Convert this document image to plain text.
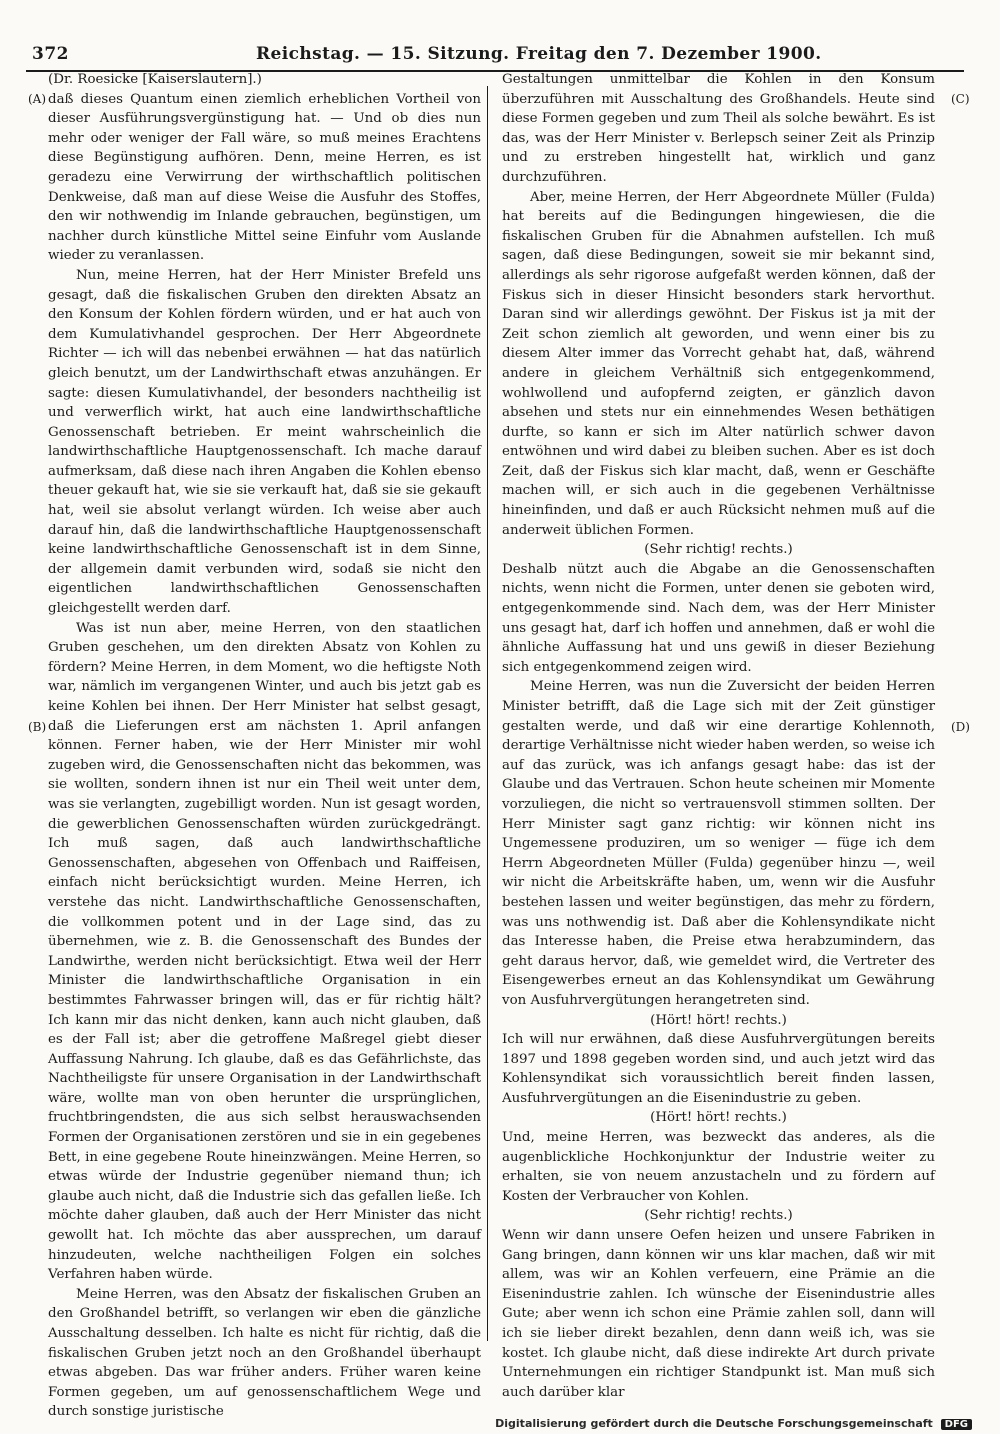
372	Reichstag. — 15. Sitzung. Freitag den 7. Dezember 1900.
(A)
(B)
(C)
(D)

(Dr. Roesicke [Kaiserslautern].)

daß dieses Quantum einen ziemlich erheblichen Vortheil von dieser Ausführungsvergünstigung hat. — Und ob dies nun mehr oder weniger der Fall wäre, so muß meines Erachtens diese Begünstigung aufhören. Denn, meine Herren, es ist geradezu eine Verwirrung der wirthschaftlich politischen Denkweise, daß man auf diese Weise die Ausfuhr des Stoffes, den wir nothwendig im Inlande gebrauchen, begünstigen, um nachher durch künstliche Mittel seine Einfuhr vom Auslande wieder zu veranlassen.

Nun, meine Herren, hat der Herr Minister Brefeld uns gesagt, daß die fiskalischen Gruben den direkten Absatz an den Konsum der Kohlen fördern würden, und er hat auch von dem Kumulativhandel gesprochen. Der Herr Abgeordnete Richter — ich will das nebenbei erwähnen — hat das natürlich gleich benutzt, um der Landwirthschaft etwas anzuhängen. Er sagte: diesen Kumulativhandel, der besonders nachtheilig ist und verwerflich wirkt, hat auch eine landwirthschaftliche Genossenschaft betrieben. Er meint wahrscheinlich die landwirthschaftliche Hauptgenossenschaft. Ich mache darauf aufmerksam, daß diese nach ihren Angaben die Kohlen ebenso theuer gekauft hat, wie sie sie verkauft hat, daß sie sie gekauft hat, weil sie absolut verlangt würden. Ich weise aber auch darauf hin, daß die landwirthschaftliche Hauptgenossenschaft keine landwirthschaftliche Genossenschaft ist in dem Sinne, der allgemein damit verbunden wird, sodaß sie nicht den eigentlichen landwirthschaftlichen Genossenschaften gleichgestellt werden darf.

Was ist nun aber, meine Herren, von den staatlichen Gruben geschehen, um den direkten Absatz von Kohlen zu fördern? Meine Herren, in dem Moment, wo die heftigste Noth war, nämlich im vergangenen Winter, und auch bis jetzt gab es keine Kohlen bei ihnen. Der Herr Minister hat selbst gesagt, daß die Lieferungen erst am nächsten 1. April anfangen können. Ferner haben, wie der Herr Minister mir wohl zugeben wird, die Genossenschaften nicht das bekommen, was sie wollten, sondern ihnen ist nur ein Theil weit unter dem, was sie verlangten, zugebilligt worden. Nun ist gesagt worden, die gewerblichen Genossenschaften würden zurückgedrängt. Ich muß sagen, daß auch landwirthschaftliche Genossenschaften, abgesehen von Offenbach und Raiffeisen, einfach nicht berücksichtigt wurden. Meine Herren, ich verstehe das nicht. Landwirthschaftliche Genossenschaften, die vollkommen potent und in der Lage sind, das zu übernehmen, wie z. B. die Genossenschaft des Bundes der Landwirthe, werden nicht berücksichtigt. Etwa weil der Herr Minister die landwirthschaftliche Organisation in ein bestimmtes Fahrwasser bringen will, das er für richtig hält? Ich kann mir das nicht denken, kann auch nicht glauben, daß es der Fall ist; aber die getroffene Maßregel giebt dieser Auffassung Nahrung. Ich glaube, daß es das Gefährlichste, das Nachtheiligste für unsere Organisation in der Landwirthschaft wäre, wollte man von oben herunter die ursprünglichen, fruchtbringendsten, die aus sich selbst herauswachsenden Formen der Organisationen zerstören und sie in ein gegebenes Bett, in eine gegebene Route hineinzwängen. Meine Herren, so etwas würde der Industrie gegenüber niemand thun; ich glaube auch nicht, daß die Industrie sich das gefallen ließe. Ich möchte daher glauben, daß auch der Herr Minister das nicht gewollt hat. Ich möchte das aber aussprechen, um darauf hinzudeuten, welche nachtheiligen Folgen ein solches Verfahren haben würde.

Meine Herren, was den Absatz der fiskalischen Gruben an den Großhandel betrifft, so verlangen wir eben die gänzliche Ausschaltung desselben. Ich halte es nicht für richtig, daß die fiskalischen Gruben jetzt noch an den Großhandel überhaupt etwas abgeben. Das war früher anders. Früher waren keine Formen gegeben, um auf genossenschaftlichem Wege und durch sonstige juristische

Gestaltungen unmittelbar die Kohlen in den Konsum überzuführen mit Ausschaltung des Großhandels. Heute sind diese Formen gegeben und zum Theil als solche bewährt. Es ist das, was der Herr Minister v. Berlepsch seiner Zeit als Prinzip und zu erstreben hingestellt hat, wirklich und ganz durchzuführen.

Aber, meine Herren, der Herr Abgeordnete Müller (Fulda) hat bereits auf die Bedingungen hingewiesen, die die fiskalischen Gruben für die Abnahmen aufstellen. Ich muß sagen, daß diese Bedingungen, soweit sie mir bekannt sind, allerdings als sehr rigorose aufgefaßt werden können, daß der Fiskus sich in dieser Hinsicht besonders stark hervorthut. Daran sind wir allerdings gewöhnt. Der Fiskus ist ja mit der Zeit schon ziemlich alt geworden, und wenn einer bis zu diesem Alter immer das Vorrecht gehabt hat, daß, während andere in gleichem Verhältniß sich entgegenkommend, wohlwollend und aufopfernd zeigten, er gänzlich davon absehen und stets nur ein einnehmendes Wesen bethätigen durfte, so kann er sich im Alter natürlich schwer davon entwöhnen und wird dabei zu bleiben suchen. Aber es ist doch Zeit, daß der Fiskus sich klar macht, daß, wenn er Geschäfte machen will, er sich auch in die gegebenen Verhältnisse hineinfinden, und daß er auch Rücksicht nehmen muß auf die anderweit üblichen Formen.

(Sehr richtig! rechts.)

Deshalb nützt auch die Abgabe an die Genossenschaften nichts, wenn nicht die Formen, unter denen sie geboten wird, entgegenkommende sind. Nach dem, was der Herr Minister uns gesagt hat, darf ich hoffen und annehmen, daß er wohl die ähnliche Auffassung hat und uns gewiß in dieser Beziehung sich entgegenkommend zeigen wird.

Meine Herren, was nun die Zuversicht der beiden Herren Minister betrifft, daß die Lage sich mit der Zeit günstiger gestalten werde, und daß wir eine derartige Kohlennoth, derartige Verhältnisse nicht wieder haben werden, so weise ich auf das zurück, was ich anfangs gesagt habe: das ist der Glaube und das Vertrauen. Schon heute scheinen mir Momente vorzuliegen, die nicht so vertrauensvoll stimmen sollten. Der Herr Minister sagt ganz richtig: wir können nicht ins Ungemessene produziren, um so weniger — füge ich dem Herrn Abgeordneten Müller (Fulda) gegenüber hinzu —, weil wir nicht die Arbeitskräfte haben, um, wenn wir die Ausfuhr bestehen lassen und weiter begünstigen, das mehr zu fördern, was uns nothwendig ist. Daß aber die Kohlensyndikate nicht das Interesse haben, die Preise etwa herabzumindern, das geht daraus hervor, daß, wie gemeldet wird, die Vertreter des Eisengewerbes erneut an das Kohlensyndikat um Gewährung von Ausfuhrvergütungen herangetreten sind.

(Hört! hört! rechts.)

Ich will nur erwähnen, daß diese Ausfuhrvergütungen bereits 1897 und 1898 gegeben worden sind, und auch jetzt wird das Kohlensyndikat sich voraussichtlich bereit finden lassen, Ausfuhrvergütungen an die Eisenindustrie zu geben.

(Hört! hört! rechts.)

Und, meine Herren, was bezweckt das anderes, als die augenblickliche Hochkonjunktur der Industrie weiter zu erhalten, sie von neuem anzustacheln und zu fördern auf Kosten der Verbraucher von Kohlen.

(Sehr richtig! rechts.)

Wenn wir dann unsere Oefen heizen und unsere Fabriken in Gang bringen, dann können wir uns klar machen, daß wir mit allem, was wir an Kohlen verfeuern, eine Prämie an die Eisenindustrie zahlen. Ich wünsche der Eisenindustrie alles Gute; aber wenn ich schon eine Prämie zahlen soll, dann will ich sie lieber direkt bezahlen, denn dann weiß ich, was sie kostet. Ich glaube nicht, daß diese indirekte Art durch private Unternehmungen ein richtiger Standpunkt ist. Man muß sich auch darüber klar

Digitalisierung gefördert durch die Deutsche Forschungsgemeinschaft DFG
